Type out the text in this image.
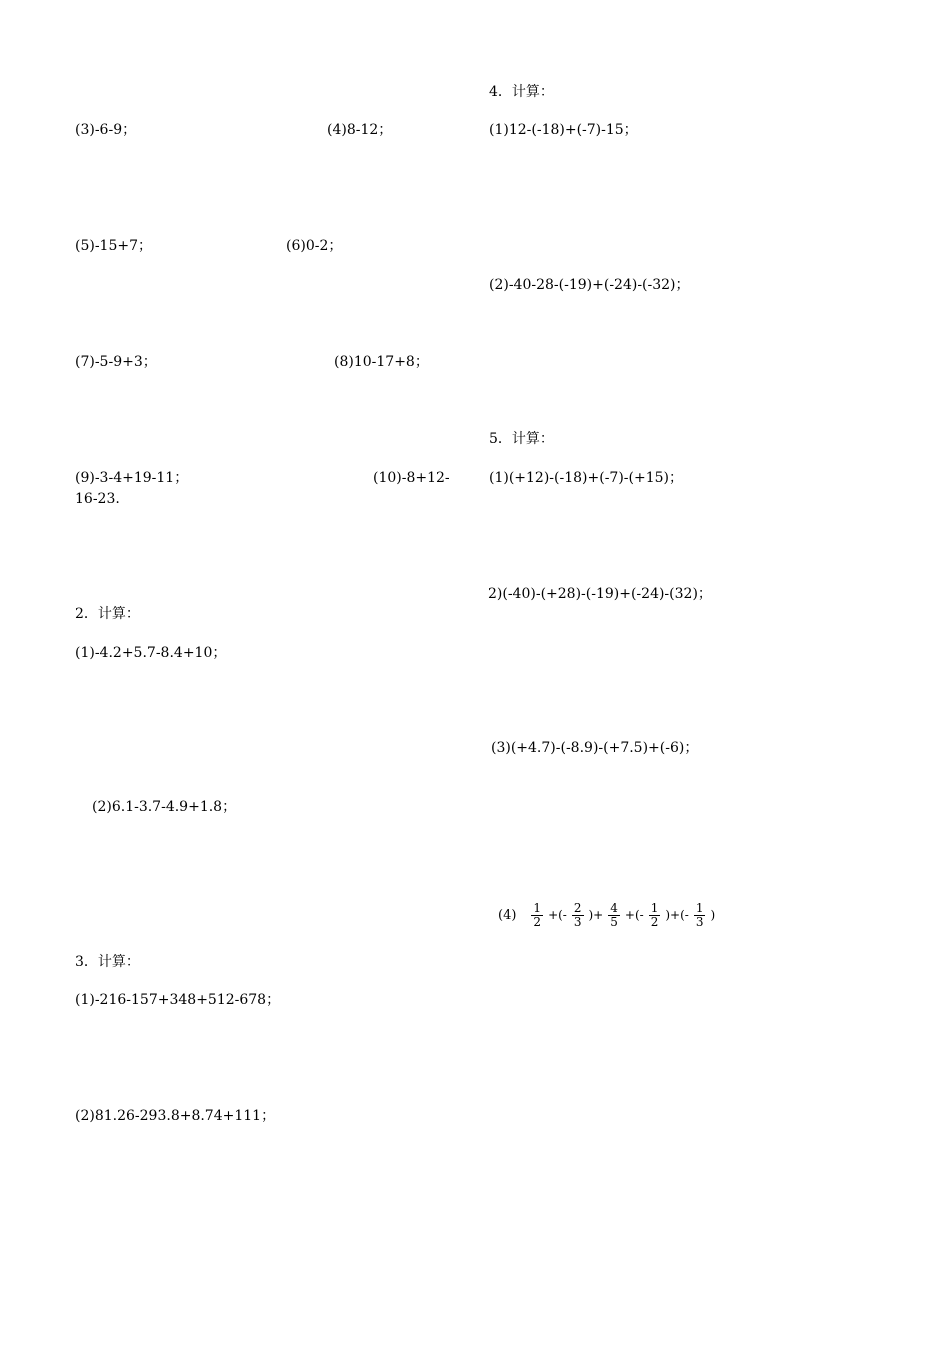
(3)-6-9；	(4)8-12；
(5)-15+7；	(6)0-2；
(7)-5-9+3；	(8)10-17+8；
(9)-3-4+19-11；	(10)-8+12-
16-23.
2．计算：
(1)-4.2+5.7-8.4+10；
(2)6.1-3.7-4.9+1.8；
3．计算：
(1)-216-157+348+512-678；
(2)81.26-293.8+8.74+111；
4．计算：
(1)12-(-18)+(-7)-15；
(2)-40-28-(-19)+(-24)-(-32)；
5．计算：
(1)(+12)-(-18)+(-7)-(+15)；
2)(-40)-(+28)-(-19)+(-24)-(32)；
(3)(+4.7)-(-8.9)-(+7.5)+(-6)；
$(4) \frac{1}{2}$ +(- $\frac{2}{3}$ )+ $\frac{4}{5}$ +(- $\frac{1}{2}$ )+(- $\frac{1}{3}$ )
